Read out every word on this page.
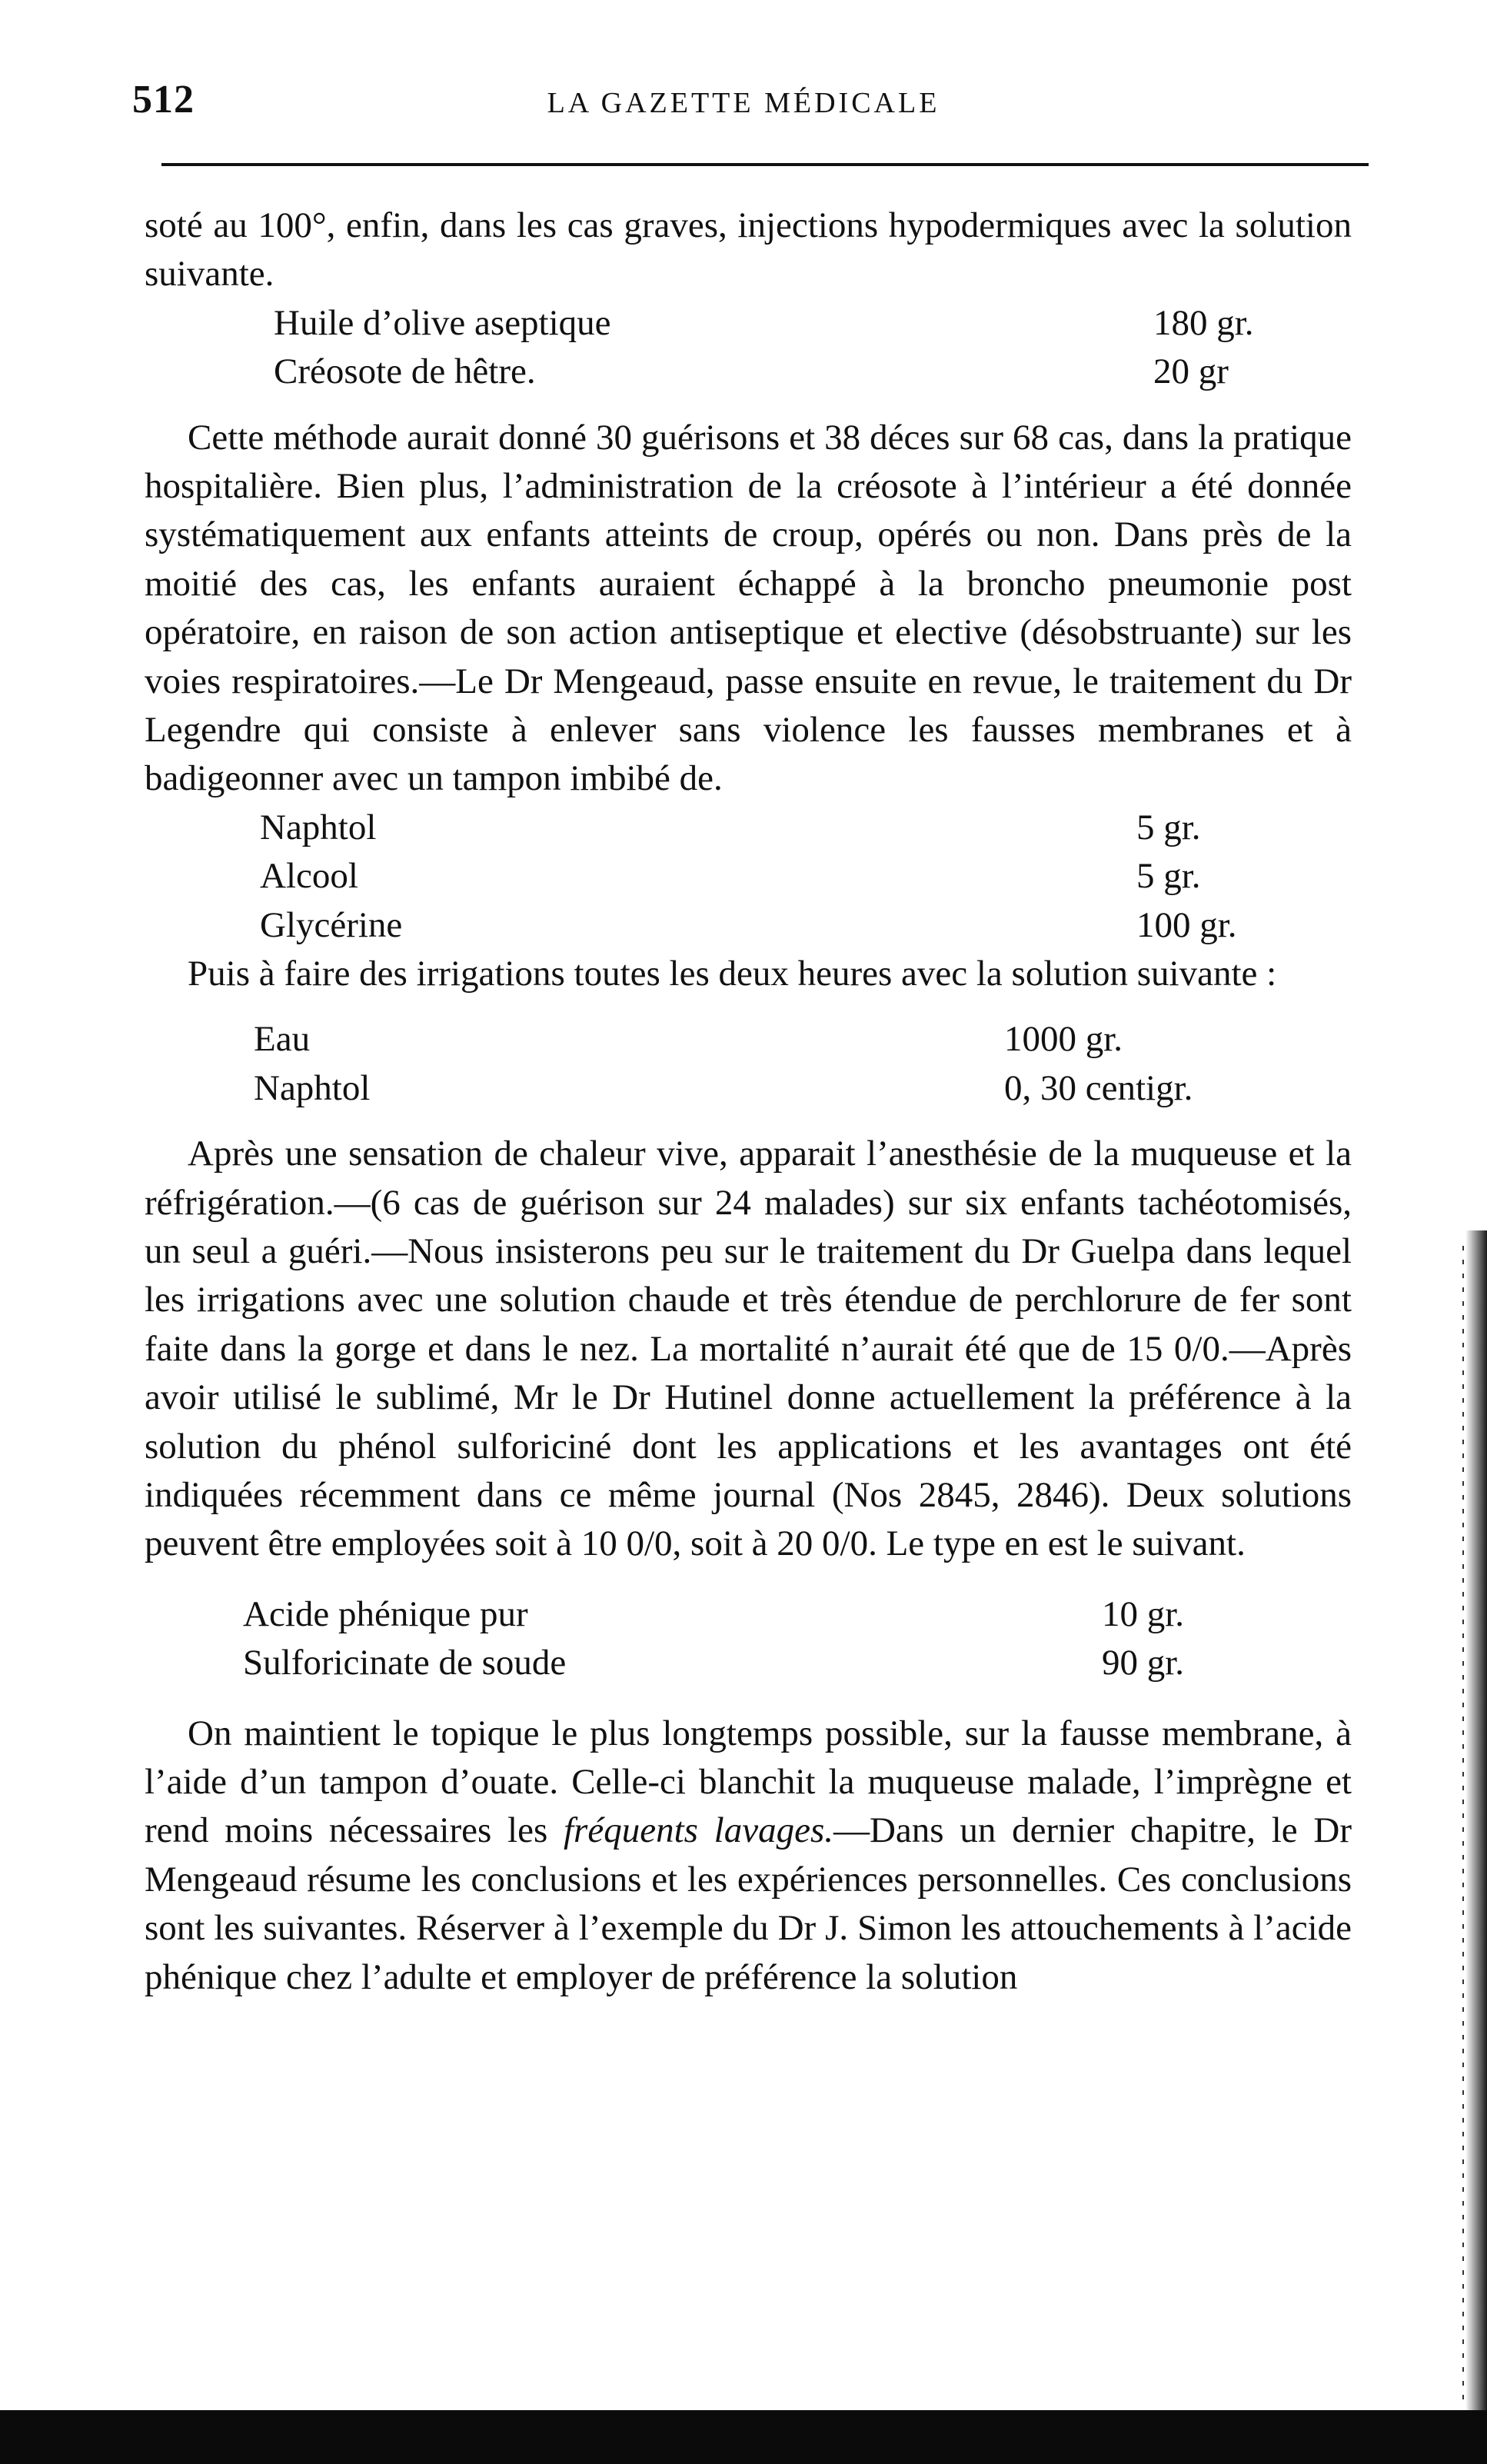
512	LA GAZETTE MÉDICALE

soté au 100°, enfin, dans les cas graves, injections hypodermiques avec la solution suivante.

Huile d’olive aseptique	180 gr.
Créosote de hêtre.	20 gr

Cette méthode aurait donné 30 guérisons et 38 déces sur 68 cas, dans la pratique hospitalière. Bien plus, l’administration de la créosote à l’intérieur a été donnée systématiquement aux enfants atteints de croup, opérés ou non. Dans près de la moitié des cas, les enfants auraient échappé à la broncho pneumonie post opératoire, en raison de son action antiseptique et elective (désobstruante) sur les voies respiratoires.—Le Dr Mengeaud, passe ensuite en revue, le traitement du Dr Legendre qui consiste à enlever sans violence les fausses membranes et à badigeonner avec un tampon imbibé de.

Naphtol	5 gr.
Alcool	5 gr.
Glycérine	100 gr.

Puis à faire des irrigations toutes les deux heures avec la solution suivante :

Eau	1000 gr.
Naphtol	0, 30 centigr.

Après une sensation de chaleur vive, apparait l’anesthésie de la muqueuse et la réfrigération.—(6 cas de guérison sur 24 malades) sur six enfants tachéotomisés, un seul a guéri.—Nous insisterons peu sur le traitement du Dr Guelpa dans lequel les irrigations avec une solution chaude et très étendue de perchlorure de fer sont faite dans la gorge et dans le nez. La mortalité n’aurait été que de 15 0/0.—Après avoir utilisé le sublimé, Mr le Dr Hutinel donne actuellement la préférence à la solution du phénol sulforiciné dont les applications et les avantages ont été indiquées récemment dans ce même journal (Nos 2845, 2846). Deux solutions peuvent être employées soit à 10 0/0, soit à 20 0/0. Le type en est le suivant.

Acide phénique pur	10 gr.
Sulforicinate de soude	90 gr.

On maintient le topique le plus longtemps possible, sur la fausse membrane, à l’aide d’un tampon d’ouate. Celle-ci blanchit la muqueuse malade, l’imprègne et rend moins nécessaires les fréquents lavages.—Dans un dernier chapitre, le Dr Mengeaud résume les conclusions et les expériences personnelles. Ces conclusions sont les suivantes. Réserver à l’exemple du Dr J. Simon les attouchements à l’acide phénique chez l’adulte et employer de préférence la solution
